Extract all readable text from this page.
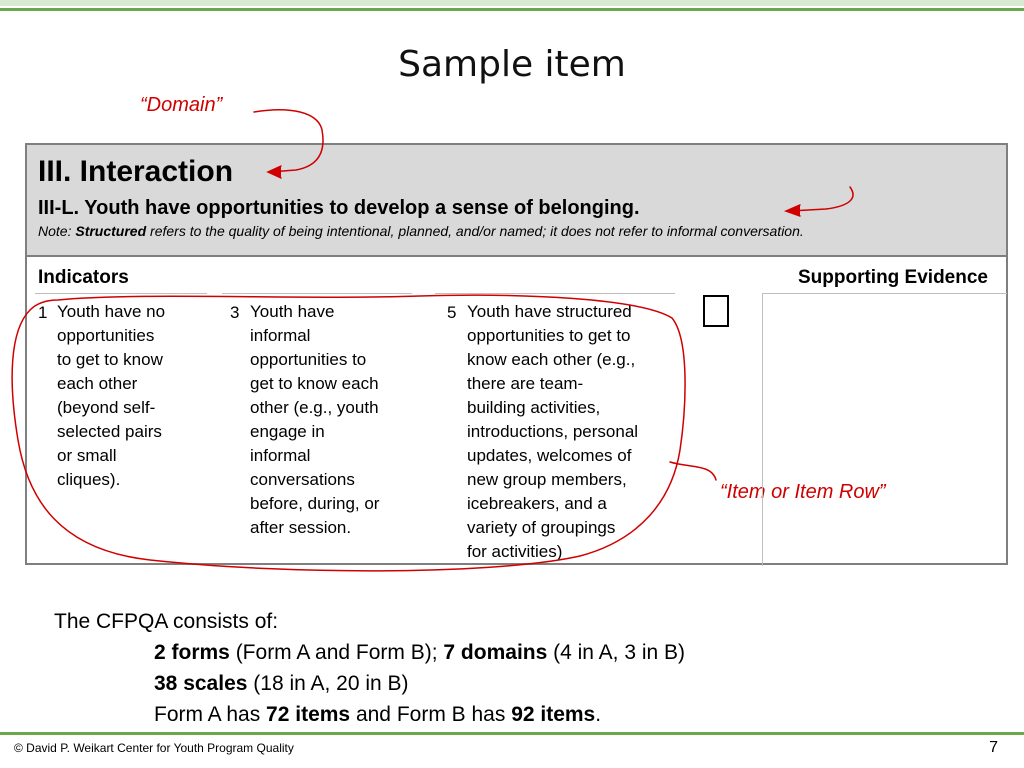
Sample item
“Domain”
“Item or Item Row”
III. Interaction
III-L. Youth have opportunities to develop a sense of belonging.
Note: Structured refers to the quality of being intentional, planned, and/or named; it does not refer to informal conversation.
Indicators	Supporting Evidence
1 Youth have no
opportunities
to get to know
each other
(beyond self-
selected pairs
or small
cliques).
3 Youth have
informal
opportunities to
get to know each
other (e.g., youth
engage in
informal
conversations
before, during, or
after session.
5 Youth have structured
opportunities to get to
know each other (e.g.,
there are team-
building activities,
introductions, personal
updates, welcomes of
new group members,
icebreakers, and a
variety of groupings
for activities)
The CFPQA consists of:
2 forms (Form A and Form B); 7 domains (4 in A, 3 in B)
38 scales (18 in A, 20 in B)
Form A has 72 items and Form B has 92 items.
© David P. Weikart Center for Youth Program Quality	7
